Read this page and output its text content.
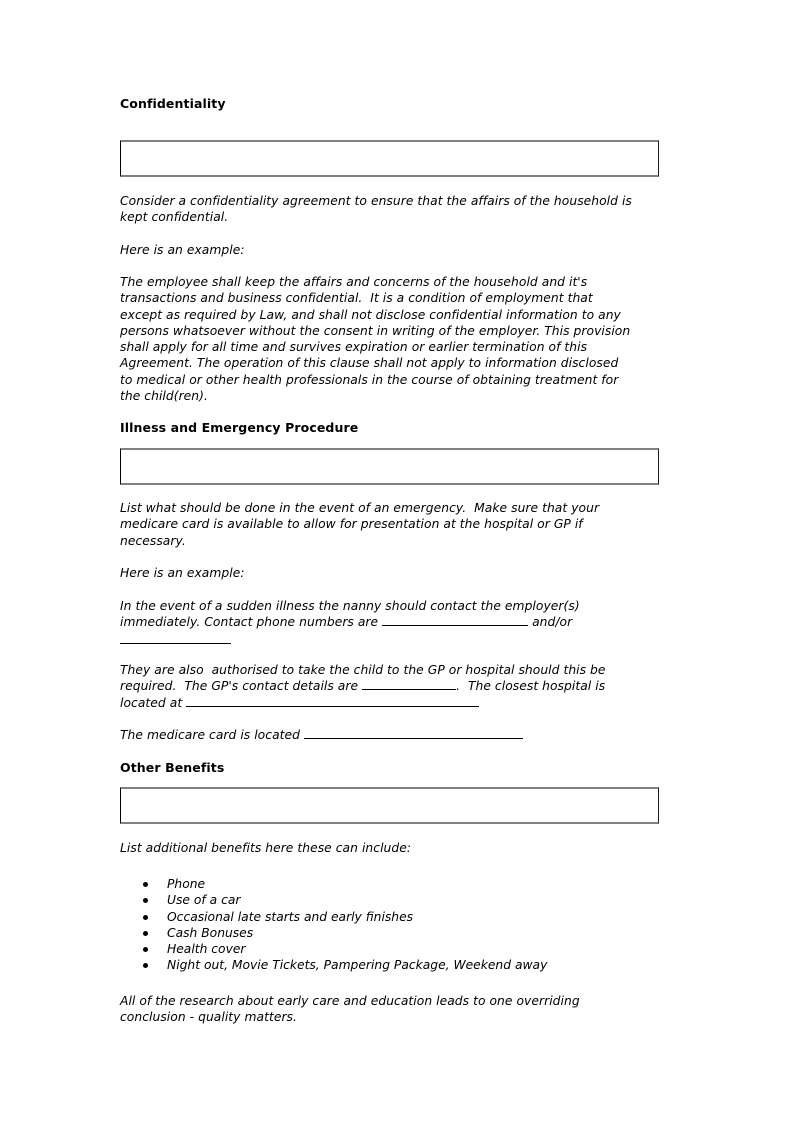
Confidentiality
Consider a confidentiality agreement to ensure that the affairs of the household is
kept confidential.
Here is an example:
The employee shall keep the affairs and concerns of the household and it's
transactions and business confidential.  It is a condition of employment that
except as required by Law, and shall not disclose confidential information to any
persons whatsoever without the consent in writing of the employer. This provision
shall apply for all time and survives expiration or earlier termination of this
Agreement. The operation of this clause shall not apply to information disclosed
to medical or other health professionals in the course of obtaining treatment for
the child(ren).
Illness and Emergency Procedure
List what should be done in the event of an emergency.  Make sure that your
medicare card is available to allow for presentation at the hospital or GP if
necessary.
Here is an example:
In the event of a sudden illness the nanny should contact the employer(s)
immediately. Contact phone numbers are	and/or
They are also  authorised to take the child to the GP or hospital should this be
required.  The GP's contact details are	.  The closest hospital is
located at
The medicare card is located
Other Benefits
List additional benefits here these can include:
Phone
Use of a car
Occasional late starts and early finishes
Cash Bonuses
Health cover
Night out, Movie Tickets, Pampering Package, Weekend away
All of the research about early care and education leads to one overriding
conclusion - quality matters.
